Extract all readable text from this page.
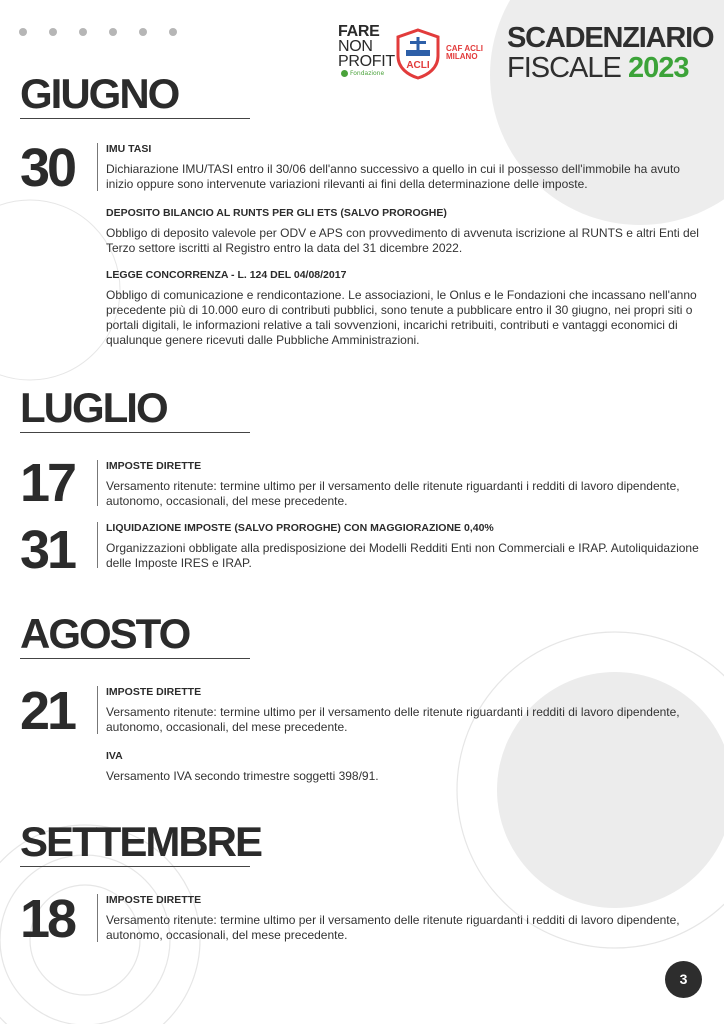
FARE
NON
PROFIT
Fondazione
ACLI
CAF ACLI
MILANO
SCADENZIARIO
FISCALE 2023
GIUGNO
30	IMU TASI
Dichiarazione IMU/TASI entro il 30/06 dell'anno successivo a quello in cui il possesso dell'immobile ha avuto inizio oppure sono intervenute variazioni rilevanti ai fini della determinazione delle imposte.
DEPOSITO BILANCIO AL RUNTS PER GLI ETS (SALVO PROROGHE)
Obbligo di deposito valevole per ODV e APS con provvedimento di avvenuta iscrizione al RUNTS e altri Enti del Terzo settore iscritti al Registro entro la data del 31 dicembre 2022.
LEGGE CONCORRENZA - L. 124 DEL 04/08/2017
Obbligo di comunicazione e rendicontazione. Le associazioni, le Onlus e le Fondazioni che incassano nell'anno precedente più di 10.000 euro di contributi pubblici, sono tenute a pubblicare entro il 30 giugno, nei propri siti o portali digitali, le informazioni relative a tali sovvenzioni, incarichi retribuiti, contributi e vantaggi economici di qualunque genere ricevuti dalle Pubbliche Amministrazioni.
LUGLIO
17	IMPOSTE DIRETTE
Versamento ritenute: termine ultimo per il versamento delle ritenute riguardanti i redditi di lavoro dipendente, autonomo, occasionali, del mese precedente.
31	LIQUIDAZIONE IMPOSTE (SALVO PROROGHE) CON MAGGIORAZIONE 0,40%
Organizzazioni obbligate alla predisposizione dei Modelli Redditi Enti non Commerciali e IRAP. Autoliquidazione delle Imposte IRES e IRAP.
AGOSTO
21	IMPOSTE DIRETTE
Versamento ritenute: termine ultimo per il versamento delle ritenute riguardanti i redditi di lavoro dipendente, autonomo, occasionali, del mese precedente.
IVA
Versamento IVA secondo trimestre soggetti 398/91.
SETTEMBRE
18	IMPOSTE DIRETTE
Versamento ritenute: termine ultimo per il versamento delle ritenute riguardanti i redditi di lavoro dipendente, autonomo, occasionali, del mese precedente.
3
